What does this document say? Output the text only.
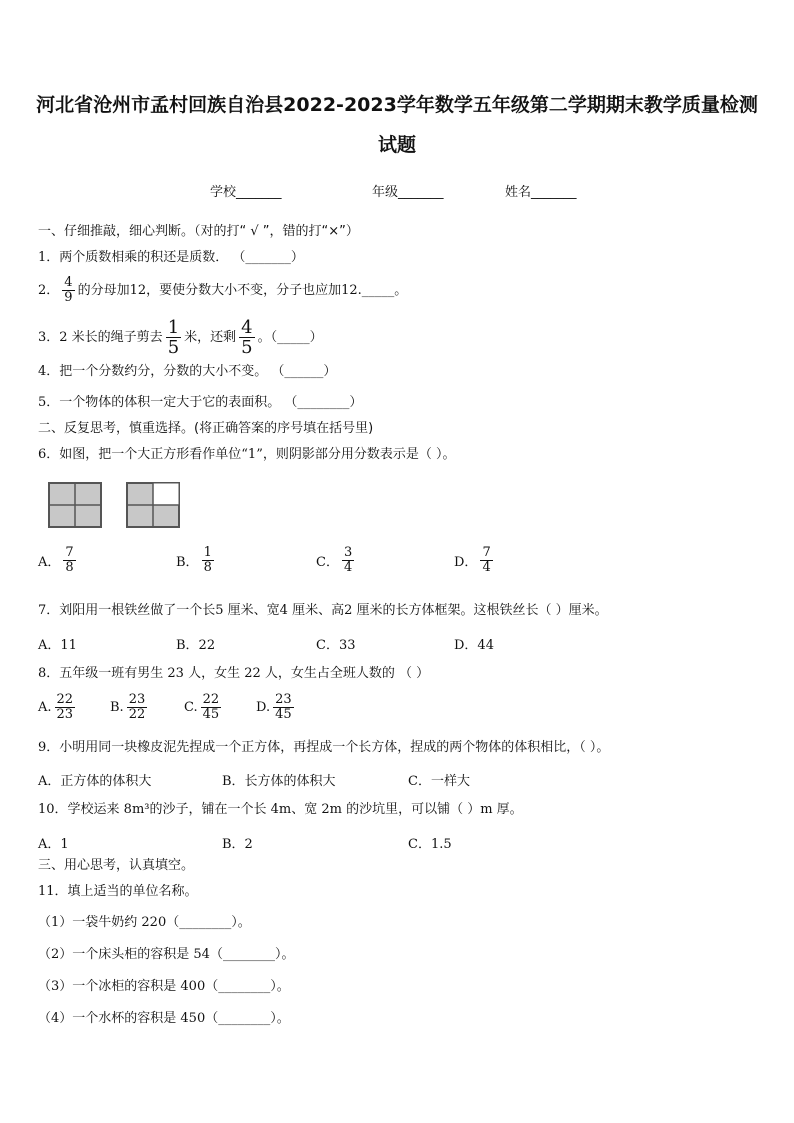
河北省沧州市孟村回族自治县2022-2023学年数学五年级第二学期期末教学质量检测
试题
学校_______	年级_______	姓名_______
一、仔细推敲，细心判断。（对的打“ √ ”，错的打“×”）
1．两个质数相乘的积还是质数． （_______）
2． $\frac{4}{9}$ 的分母加12，要使分数大小不变，分子也应加12._____。
3．2 米长的绳子剪去 $\frac{1}{5}$ 米，还剩 $\frac{4}{5}$ 。（_____）
4．把一个分数约分，分数的大小不变。 （______）
5．一个物体的体积一定大于它的表面积。 （________）
二、反复思考，慎重选择。(将正确答案的序号填在括号里)
6．如图，把一个大正方形看作单位“1”，则阴影部分用分数表示是（ ）。
A． $\frac{7}{8}$	B． $\frac{1}{8}$	C． $\frac{3}{4}$	D． $\frac{7}{4}$
7．刘阳用一根铁丝做了一个长5 厘米、宽4 厘米、高2 厘米的长方体框架。这根铁丝长（ ）厘米。
A．11	B．22	C．33	D．44
8．五年级一班有男生 23 人，女生 22 人，女生占全班人数的 （ ）
A. $\frac{22}{23}$	B. $\frac{23}{22}$	C. $\frac{22}{45}$	D. $\frac{23}{45}$
9．小明用同一块橡皮泥先捏成一个正方体，再捏成一个长方体，捏成的两个物体的体积相比，（ ）。
A．正方体的体积大	B．长方体的体积大	C．一样大
10．学校运来 8m³的沙子，铺在一个长 4m、宽 2m 的沙坑里，可以铺（ ）m 厚。
A．1	B．2	C．1.5
三、用心思考，认真填空。
11．填上适当的单位名称。
（1）一袋牛奶约 220（________）。
（2）一个床头柜的容积是 54（________）。
（3）一个冰柜的容积是 400（________）。
（4）一个水杯的容积是 450（________）。
